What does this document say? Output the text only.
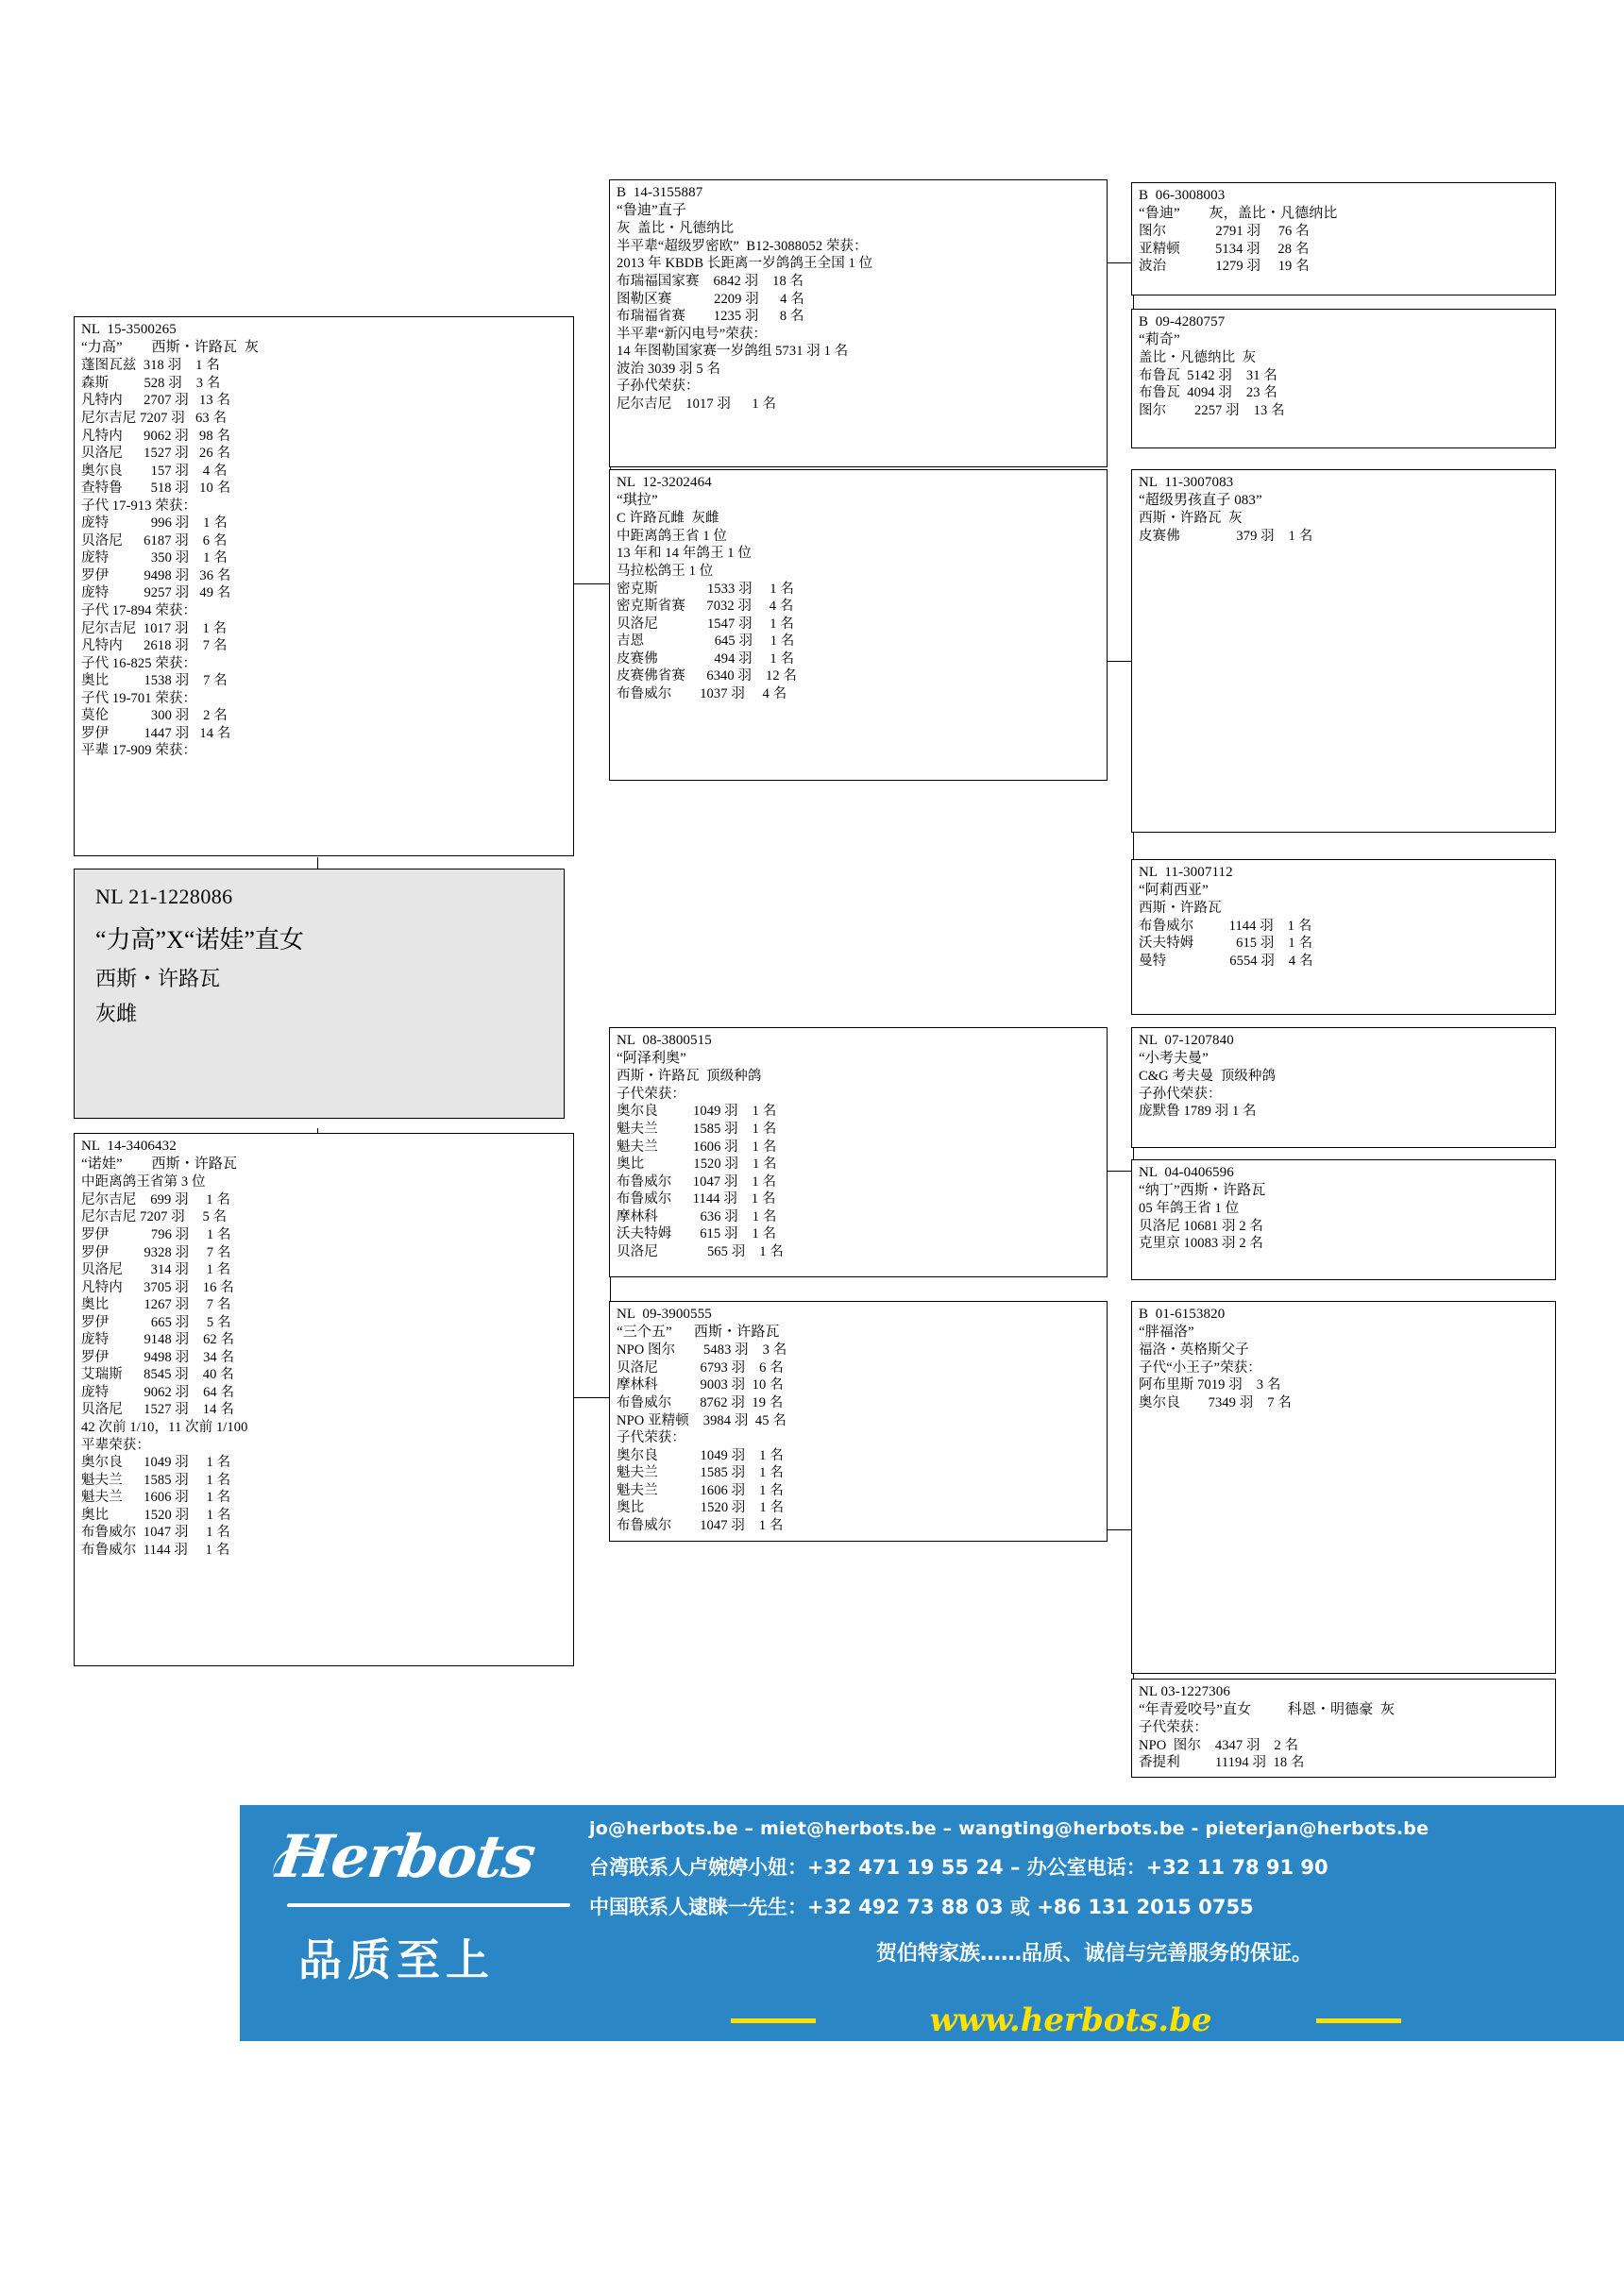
NL  15-3500265
“力高”        西斯・许路瓦  灰
蓬图瓦兹  318 羽    1 名
森斯          528 羽    3 名
凡特内      2707 羽   13 名
尼尔吉尼 7207 羽   63 名
凡特内      9062 羽   98 名
贝洛尼      1527 羽   26 名
奥尔良        157 羽    4 名
查特鲁        518 羽   10 名
子代 17-913 荣获：
庞特            996 羽    1 名
贝洛尼      6187 羽    6 名
庞特            350 羽    1 名
罗伊          9498 羽   36 名
庞特          9257 羽   49 名
子代 17-894 荣获：
尼尔吉尼  1017 羽    1 名
凡特内      2618 羽    7 名
子代 16-825 荣获：
奥比          1538 羽    7 名
子代 19-701 荣获：
莫伦            300 羽    2 名
罗伊          1447 羽   14 名
平辈 17-909 荣获：
NL 21-1228086
“力高”X“诺娃”直女
西斯・许路瓦
灰雌
NL  14-3406432
“诺娃”        西斯・许路瓦
中距离鸽王省第 3 位
尼尔吉尼    699 羽     1 名
尼尔吉尼 7207 羽     5 名
罗伊            796 羽     1 名
罗伊          9328 羽     7 名
贝洛尼        314 羽     1 名
凡特内      3705 羽    16 名
奥比          1267 羽     7 名
罗伊            665 羽     5 名
庞特          9148 羽    62 名
罗伊          9498 羽    34 名
艾瑞斯      8545 羽    40 名
庞特          9062 羽    64 名
贝洛尼      1527 羽    14 名
42 次前 1/10，11 次前 1/100
平辈荣获：
奥尔良      1049 羽     1 名
魁夫兰      1585 羽     1 名
魁夫兰      1606 羽     1 名
奥比          1520 羽     1 名
布鲁威尔  1047 羽     1 名
布鲁威尔  1144 羽     1 名
B  14-3155887
“鲁迪”直子
灰  盖比・凡德纳比
半平辈“超级罗密欧”  B12-3088052 荣获：
2013 年 KBDB 长距离一岁鸽鸽王全国 1 位
布瑞福国家赛    6842 羽    18 名
图勒区赛            2209 羽      4 名
布瑞福省赛        1235 羽      8 名
半平辈“新闪电号”荣获：
14 年图勒国家赛一岁鸽组 5731 羽 1 名
波治 3039 羽 5 名
子孙代荣获：
尼尔吉尼    1017 羽      1 名
NL  12-3202464
“琪拉”
C 许路瓦雌  灰雌
中距离鸽王省 1 位
13 年和 14 年鸽王 1 位
马拉松鸽王 1 位
密克斯              1533 羽     1 名
密克斯省赛      7032 羽     4 名
贝洛尼              1547 羽     1 名
吉恩                    645 羽     1 名
皮赛佛                494 羽     1 名
皮赛佛省赛      6340 羽    12 名
布鲁威尔        1037 羽     4 名
NL  08-3800515
“阿泽利奥”
西斯・许路瓦  顶级种鸽
子代荣获：
奥尔良          1049 羽    1 名
魁夫兰          1585 羽    1 名
魁夫兰          1606 羽    1 名
奥比              1520 羽    1 名
布鲁威尔      1047 羽    1 名
布鲁威尔      1144 羽    1 名
摩林科            636 羽    1 名
沃夫特姆        615 羽    1 名
贝洛尼              565 羽    1 名
NL  09-3900555
“三个五”      西斯・许路瓦
NPO 图尔        5483 羽    3 名
贝洛尼            6793 羽    6 名
摩林科            9003 羽  10 名
布鲁威尔        8762 羽  19 名
NPO 亚精顿    3984 羽  45 名
子代荣获：
奥尔良            1049 羽    1 名
魁夫兰            1585 羽    1 名
魁夫兰            1606 羽    1 名
奥比                1520 羽    1 名
布鲁威尔        1047 羽    1 名
B  06-3008003
“鲁迪”        灰，盖比・凡德纳比
图尔              2791 羽     76 名
亚精顿          5134 羽     28 名
波治              1279 羽     19 名
B  09-4280757
“莉奇”
盖比・凡德纳比  灰
布鲁瓦  5142 羽    31 名
布鲁瓦  4094 羽    23 名
图尔        2257 羽    13 名
NL  11-3007083
“超级男孩直子 083”
西斯・许路瓦  灰
皮赛佛                379 羽    1 名
NL  11-3007112
“阿莉西亚”
西斯・许路瓦
布鲁威尔          1144 羽    1 名
沃夫特姆            615 羽    1 名
曼特                  6554 羽    4 名
NL  07-1207840
“小考夫曼”
C&G 考夫曼  顶级种鸽
子孙代荣获：
庞默鲁 1789 羽 1 名
NL  04-0406596
“纳丁”西斯・许路瓦
05 年鸽王省 1 位
贝洛尼 10681 羽 2 名
克里京 10083 羽 2 名
B  01-6153820
“胖福洛”
福洛・英格斯父子
子代“小王子”荣获：
阿布里斯 7019 羽    3 名
奥尔良        7349 羽    7 名
NL 03-1227306
“年青爱咬号”直女          科恩・明德豪  灰
子代荣获：
NPO  图尔    4347 羽    2 名
香提利          11194 羽  18 名
Herbots
品质至上
jo@herbots.be – miet@herbots.be – wangting@herbots.be - pieterjan@herbots.be
台湾联系人卢婉婷小妞：+32 471 19 55 24 – 办公室电话：+32 11 78 91 90
中国联系人逮睐一先生：+32 492 73 88 03 或 +86 131 2015 0755
贺伯特家族……品质、诚信与完善服务的保证。
www.herbots.be
